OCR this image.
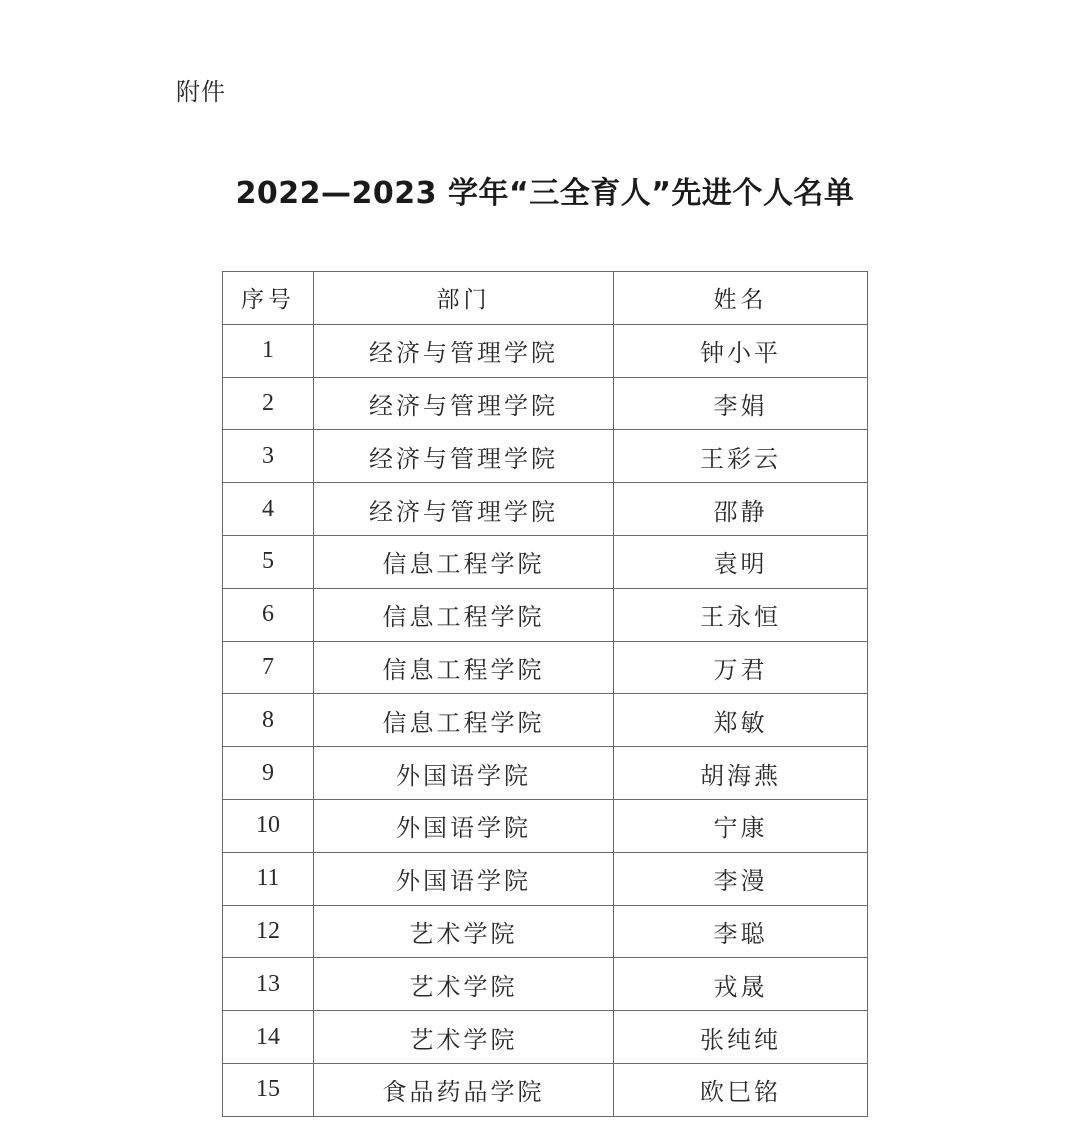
附件
2022—2023 学年“三全育人”先进个人名单
序号	部门	姓名
1	经济与管理学院	钟小平
2	经济与管理学院	李娟
3	经济与管理学院	王彩云
4	经济与管理学院	邵静
5	信息工程学院	袁明
6	信息工程学院	王永恒
7	信息工程学院	万君
8	信息工程学院	郑敏
9	外国语学院	胡海燕
10	外国语学院	宁康
11	外国语学院	李漫
12	艺术学院	李聪
13	艺术学院	戎晟
14	艺术学院	张纯纯
15	食品药品学院	欧巳铭
